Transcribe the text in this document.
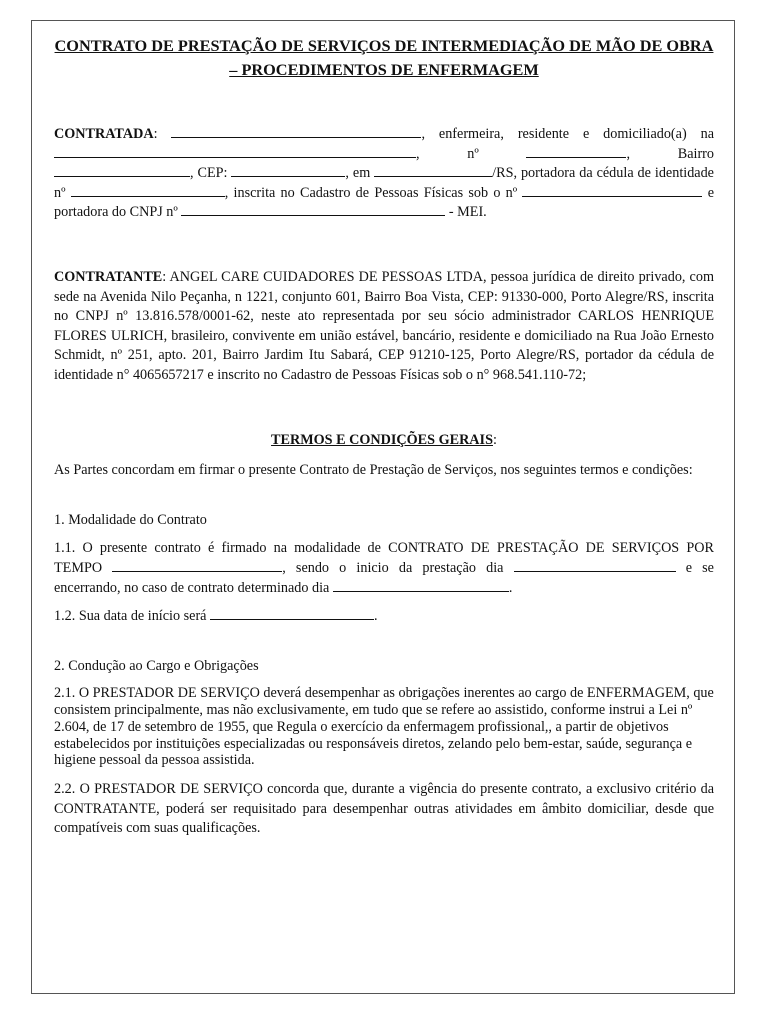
CONTRATO DE PRESTAÇÃO DE SERVIÇOS DE INTERMEDIAÇÃO DE MÃO DE OBRA – PROCEDIMENTOS DE ENFERMAGEM

CONTRATADA:	, enfermeira, residente e domiciliado(a) na , nº	, Bairro , CEP:	, em	/RS, portadora da cédula de identidade nº	, inscrita no Cadastro de Pessoas Físicas sob o nº	e portadora do CNPJ nº	- MEI.

CONTRATANTE: ANGEL CARE CUIDADORES DE PESSOAS LTDA, pessoa jurídica de direito privado, com sede na Avenida Nilo Peçanha, n 1221, conjunto 601, Bairro Boa Vista, CEP: 91330-000, Porto Alegre/RS, inscrita no CNPJ nº 13.816.578/0001-62, neste ato representada por seu sócio administrador CARLOS HENRIQUE FLORES ULRICH, brasileiro, convivente em união estável, bancário, residente e domiciliado na Rua João Ernesto Schmidt, nº 251, apto. 201, Bairro Jardim Itu Sabará, CEP 91210-125, Porto Alegre/RS, portador da cédula de identidade n° 4065657217 e inscrito no Cadastro de Pessoas Físicas sob o n° 968.541.110-72;

TERMOS E CONDIÇÕES GERAIS:

As Partes concordam em firmar o presente Contrato de Prestação de Serviços, nos seguintes termos e condições:

1. Modalidade do Contrato

1.1. O presente contrato é firmado na modalidade de CONTRATO DE PRESTAÇÃO DE SERVIÇOS POR TEMPO	, sendo o inicio da prestação dia	e se encerrando, no caso de contrato determinado dia	.

1.2. Sua data de início será	.

2. Condução ao Cargo e Obrigações

2.1. O PRESTADOR DE SERVIÇO deverá desempenhar as obrigações inerentes ao cargo de ENFERMAGEM, que consistem principalmente, mas não exclusivamente, em tudo que se refere ao assistido, conforme instrui a Lei nº 2.604, de 17 de setembro de 1955, que Regula o exercício da enfermagem profissional,, a partir de objetivos estabelecidos por instituições especializadas ou responsáveis diretos, zelando pelo bem-estar, saúde, segurança e higiene pessoal da pessoa assistida.

2.2. O PRESTADOR DE SERVIÇO concorda que, durante a vigência do presente contrato, a exclusivo critério da CONTRATANTE, poderá ser requisitado para desempenhar outras atividades em âmbito domiciliar, desde que compatíveis com suas qualificações.
